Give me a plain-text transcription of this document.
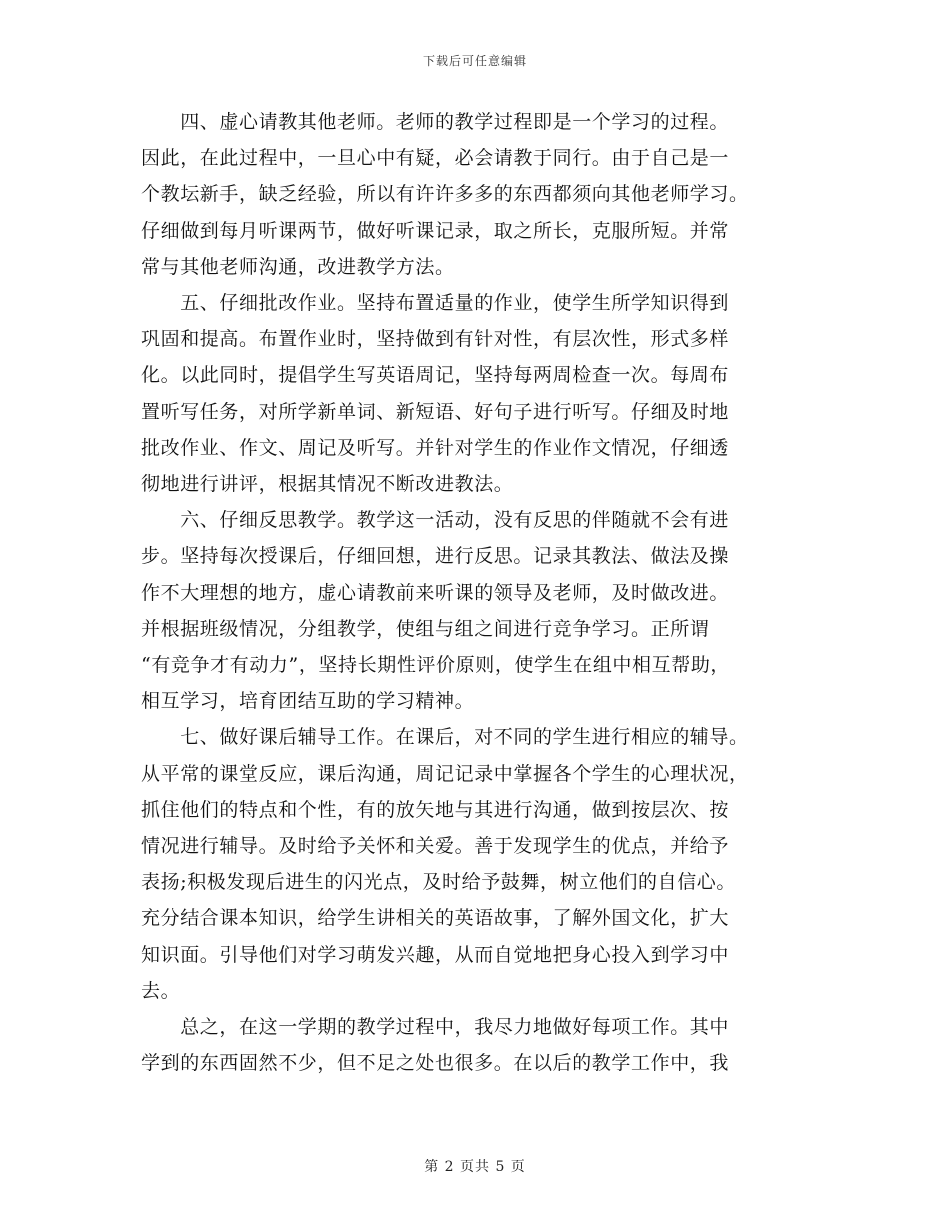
下载后可任意编辑

　　四、虚心请教其他老师。老师的教学过程即是一个学习的过程。
因此，在此过程中，一旦心中有疑，必会请教于同行。由于自己是一
个教坛新手，缺乏经验，所以有许许多多的东西都须向其他老师学习。
仔细做到每月听课两节，做好听课记录，取之所长，克服所短。并常
常与其他老师沟通，改进教学方法。

　　五、仔细批改作业。坚持布置适量的作业，使学生所学知识得到
巩固和提高。布置作业时，坚持做到有针对性，有层次性，形式多样
化。以此同时，提倡学生写英语周记，坚持每两周检查一次。每周布
置听写任务，对所学新单词、新短语、好句子进行听写。仔细及时地
批改作业、作文、周记及听写。并针对学生的作业作文情况，仔细透
彻地进行讲评，根据其情况不断改进教法。

　　六、仔细反思教学。教学这一活动，没有反思的伴随就不会有进
步。坚持每次授课后，仔细回想，进行反思。记录其教法、做法及操
作不大理想的地方，虚心请教前来听课的领导及老师，及时做改进。
并根据班级情况，分组教学，使组与组之间进行竞争学习。正所谓
“有竞争才有动力”，坚持长期性评价原则，使学生在组中相互帮助，
相互学习，培育团结互助的学习精神。

　　七、做好课后辅导工作。在课后，对不同的学生进行相应的辅导。
从平常的课堂反应，课后沟通，周记记录中掌握各个学生的心理状况，
抓住他们的特点和个性，有的放矢地与其进行沟通，做到按层次、按
情况进行辅导。及时给予关怀和关爱。善于发现学生的优点，并给予
表扬;积极发现后进生的闪光点，及时给予鼓舞，树立他们的自信心。
充分结合课本知识，给学生讲相关的英语故事，了解外国文化，扩大
知识面。引导他们对学习萌发兴趣，从而自觉地把身心投入到学习中
去。

　　总之，在这一学期的教学过程中，我尽力地做好每项工作。其中
学到的东西固然不少，但不足之处也很多。在以后的教学工作中，我

第 2 页共 5 页
